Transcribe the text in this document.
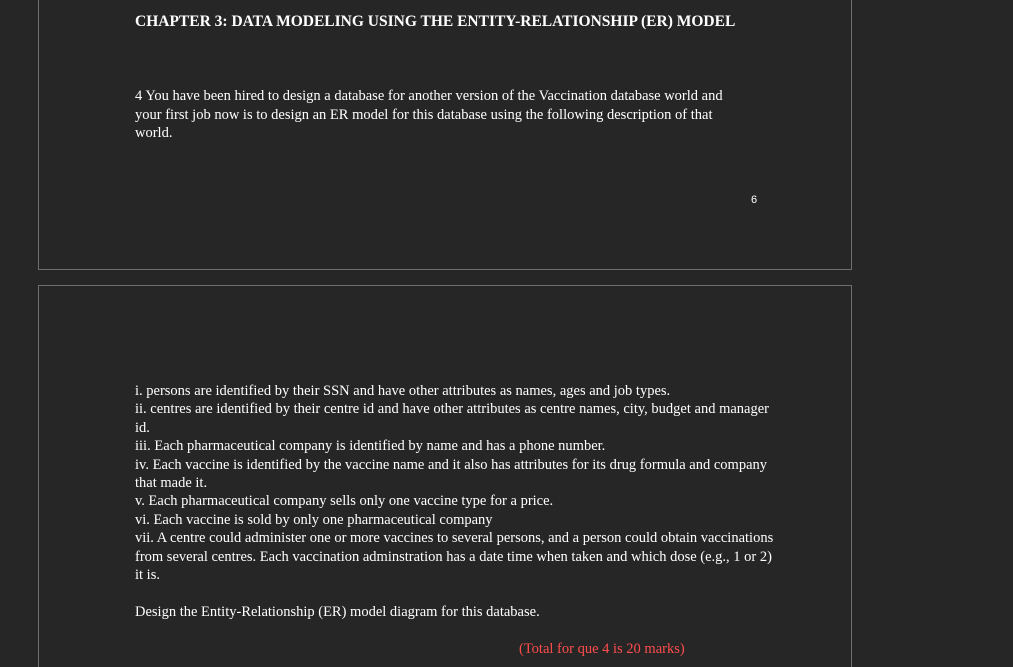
CHAPTER 3: DATA MODELING USING THE ENTITY-RELATIONSHIP (ER) MODEL

4 You have been hired to design a database for another version of the Vaccination database world and your first job now is to design an ER model for this database using the following description of that world.

6
i. persons are identified by their SSN and have other attributes as names, ages and job types.
ii. centres are identified by their centre id and have other attributes as centre names, city, budget and manager id.
iii. Each pharmaceutical company is identified by name and has a phone number.
iv. Each vaccine is identified by the vaccine name and it also has attributes for its drug formula and company that made it.
v. Each pharmaceutical company sells only one vaccine type for a price.
vi. Each vaccine is sold by only one pharmaceutical company
vii. A centre could administer one or more vaccines to several persons, and a person could obtain vaccinations from several centres. Each vaccination adminstration has a date time when taken and which dose (e.g., 1 or 2) it is.

Design the Entity-Relationship (ER) model diagram for this database.

(Total for que 4 is 20 marks)
